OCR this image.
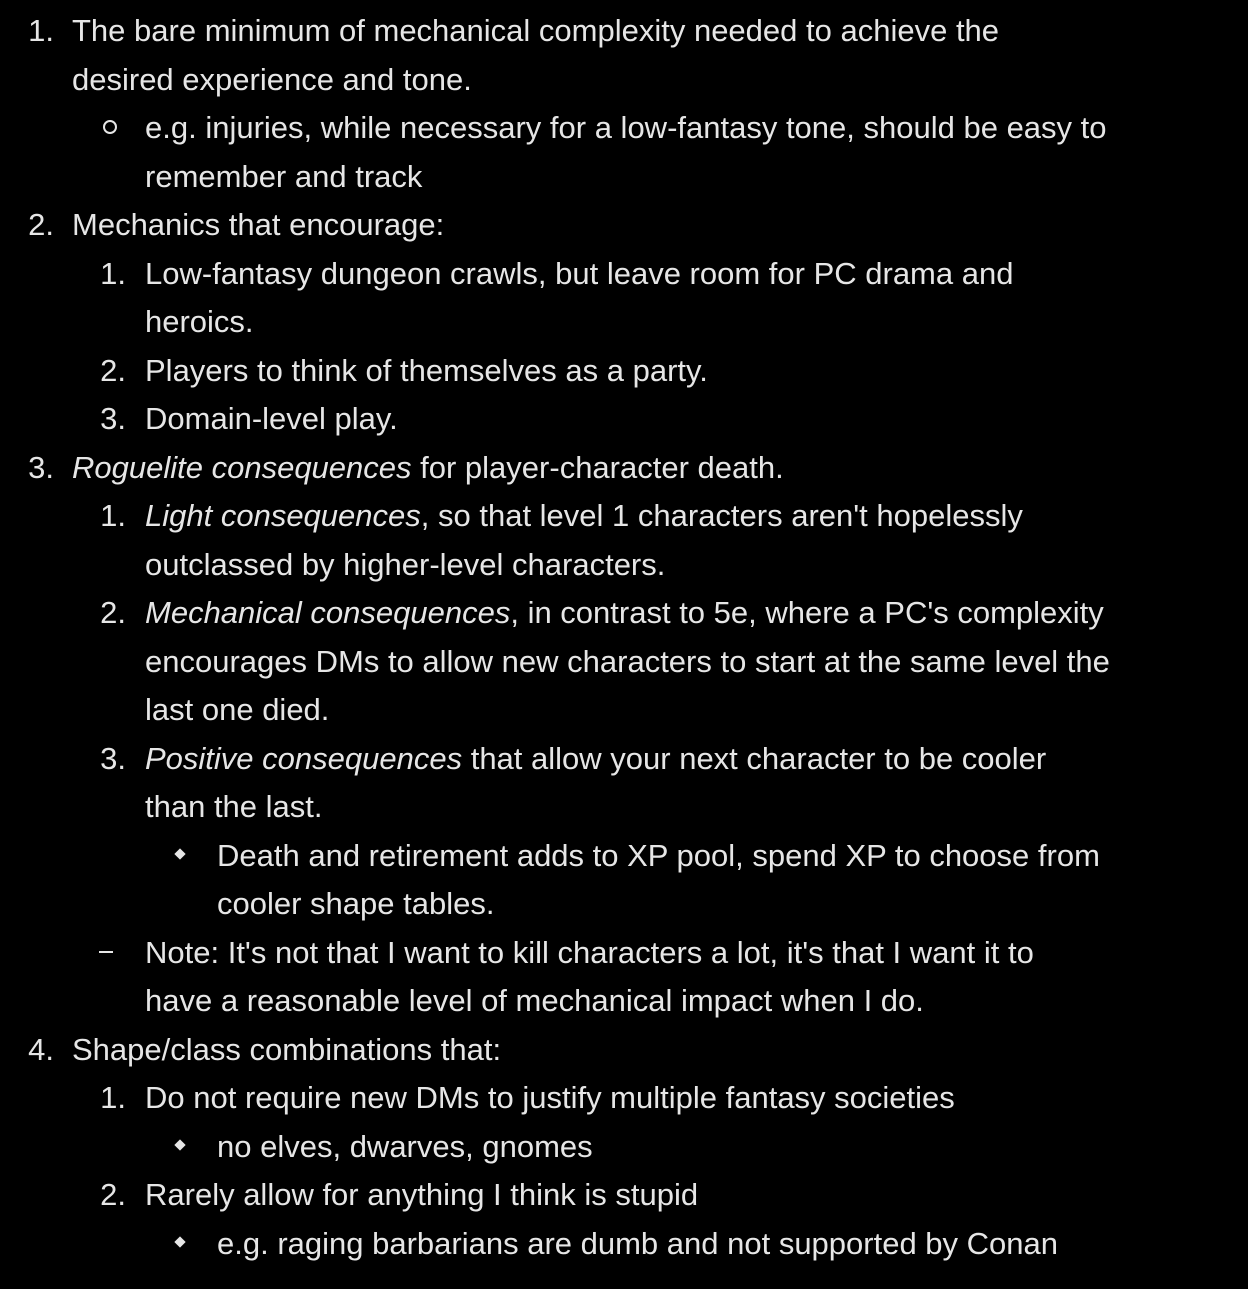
1. The bare minimum of mechanical complexity needed to achieve the
desired experience and tone.
e.g. injuries, while necessary for a low-fantasy tone, should be easy to
remember and track
2. Mechanics that encourage:
1. Low-fantasy dungeon crawls, but leave room for PC drama and
heroics.
2. Players to think of themselves as a party.
3. Domain-level play.
3. Roguelite consequences for player-character death.
1. Light consequences, so that level 1 characters aren't hopelessly
outclassed by higher-level characters.
2. Mechanical consequences, in contrast to 5e, where a PC's complexity
encourages DMs to allow new characters to start at the same level the
last one died.
3. Positive consequences that allow your next character to be cooler
than the last.
Death and retirement adds to XP pool, spend XP to choose from
cooler shape tables.
Note: It's not that I want to kill characters a lot, it's that I want it to
have a reasonable level of mechanical impact when I do.
4. Shape/class combinations that:
1. Do not require new DMs to justify multiple fantasy societies
no elves, dwarves, gnomes
2. Rarely allow for anything I think is stupid
e.g. raging barbarians are dumb and not supported by Conan
